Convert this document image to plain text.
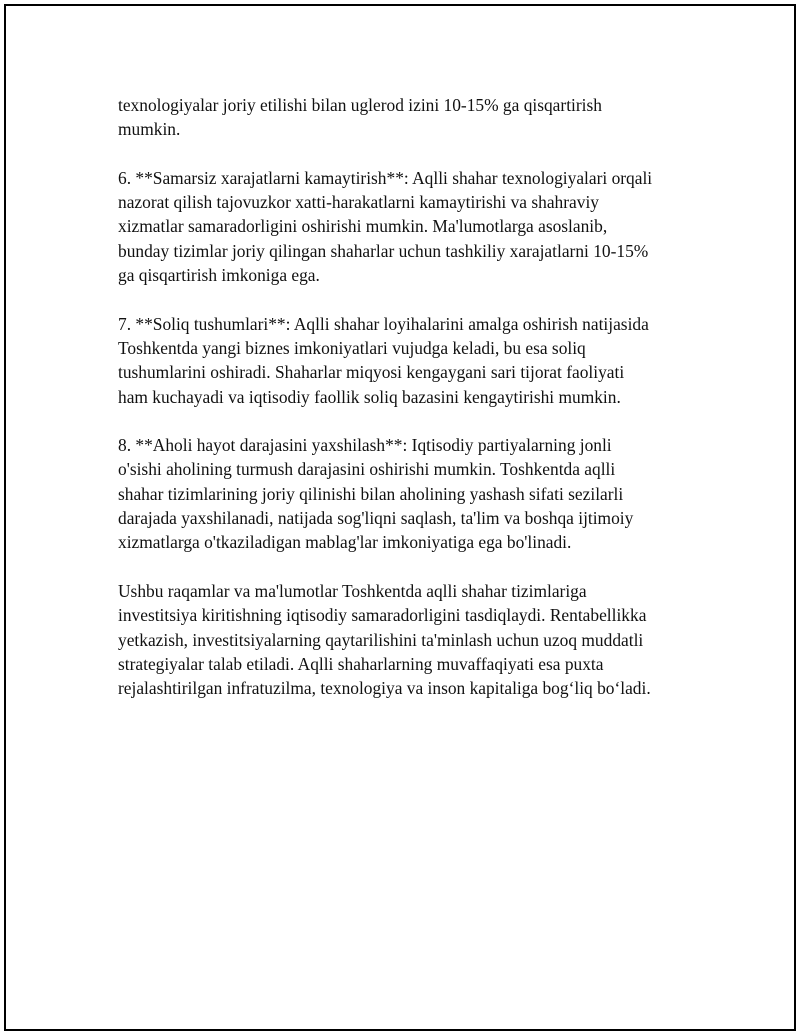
texnologiyalar joriy etilishi bilan uglerod izini 10-15% ga qisqartirish
mumkin.

6. **Samarsiz xarajatlarni kamaytirish**: Aqlli shahar texnologiyalari orqali
nazorat qilish tajovuzkor xatti-harakatlarni kamaytirishi va shahraviy
xizmatlar samaradorligini oshirishi mumkin. Ma'lumotlarga asoslanib,
bunday tizimlar joriy qilingan shaharlar uchun tashkiliy xarajatlarni 10-15%
ga qisqartirish imkoniga ega.

7. **Soliq tushumlari**: Aqlli shahar loyihalarini amalga oshirish natijasida
Toshkentda yangi biznes imkoniyatlari vujudga keladi, bu esa soliq
tushumlarini oshiradi. Shaharlar miqyosi kengaygani sari tijorat faoliyati
ham kuchayadi va iqtisodiy faollik soliq bazasini kengaytirishi mumkin.

8. **Aholi hayot darajasini yaxshilash**: Iqtisodiy partiyalarning jonli
o'sishi aholining turmush darajasini oshirishi mumkin. Toshkentda aqlli
shahar tizimlarining joriy qilinishi bilan aholining yashash sifati sezilarli
darajada yaxshilanadi, natijada sog'liqni saqlash, ta'lim va boshqa ijtimoiy
xizmatlarga o'tkaziladigan mablag'lar imkoniyatiga ega bo'linadi.

Ushbu raqamlar va ma'lumotlar Toshkentda aqlli shahar tizimlariga
investitsiya kiritishning iqtisodiy samaradorligini tasdiqlaydi. Rentabellikka
yetkazish, investitsiyalarning qaytarilishini ta'minlash uchun uzoq muddatli
strategiyalar talab etiladi. Aqlli shaharlarning muvaffaqiyati esa puxta
rejalashtirilgan infratuzilma, texnologiya va inson kapitaliga bog‘liq bo‘ladi.
